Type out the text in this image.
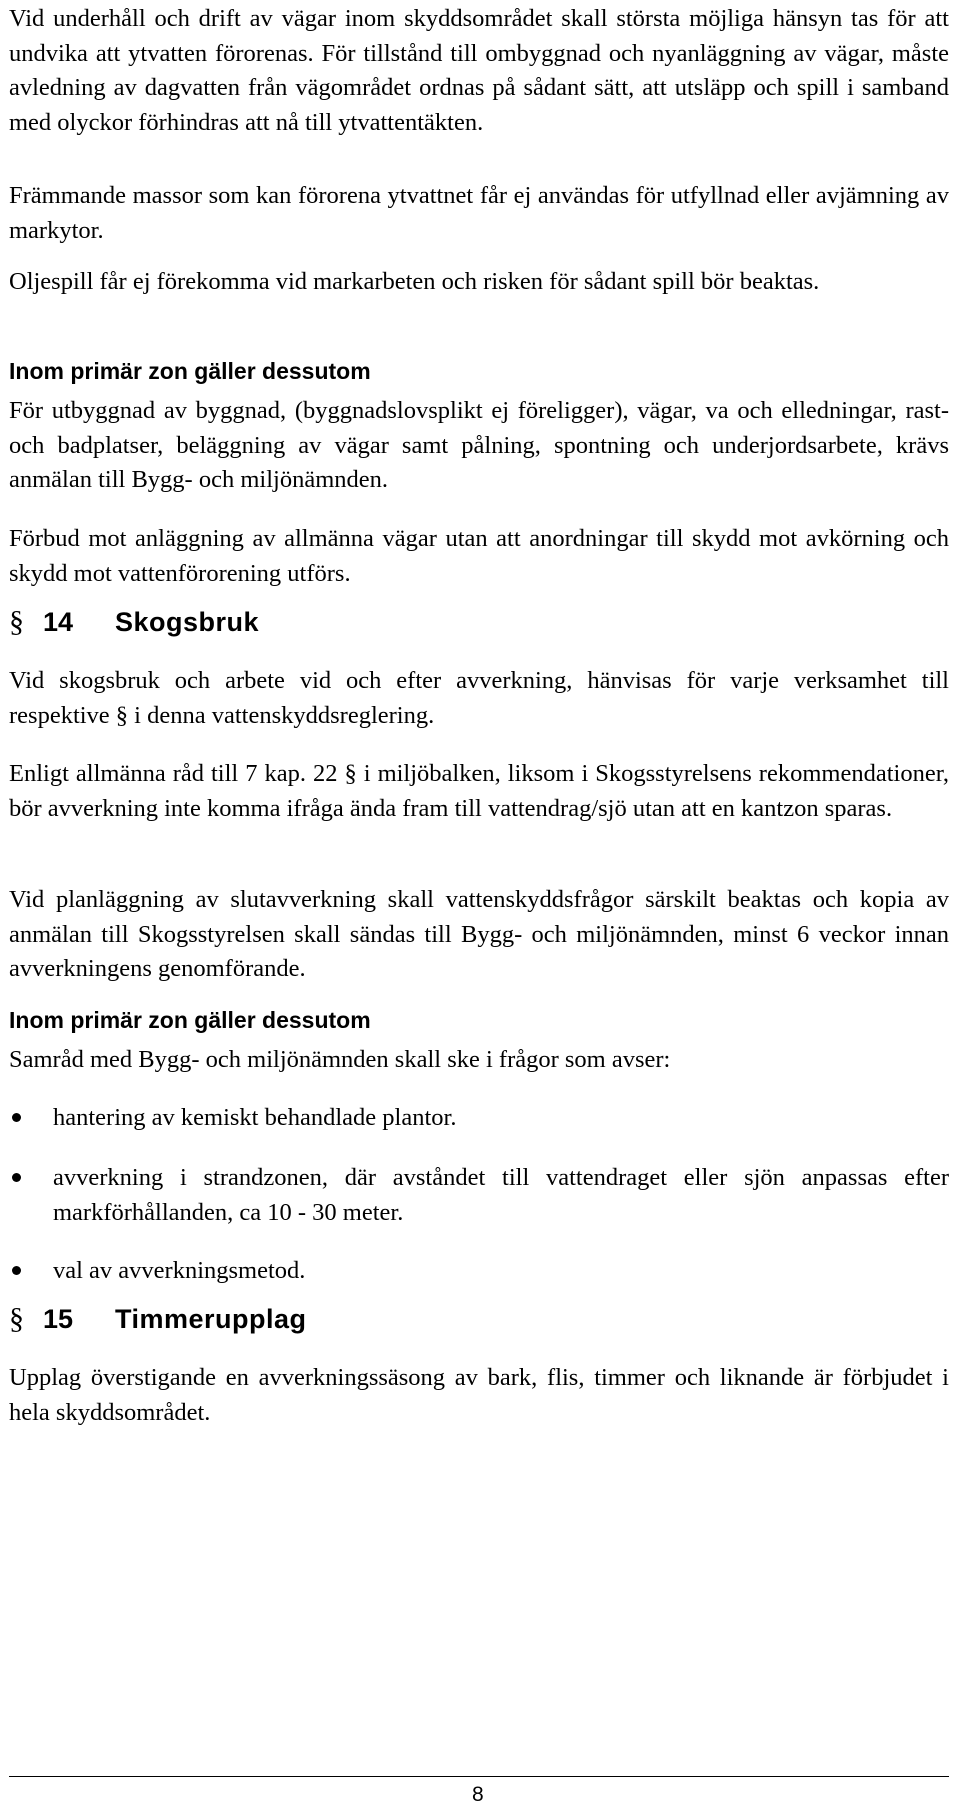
Vid underhåll och drift av vägar inom skyddsområdet skall största möjliga hänsyn tas för att undvika att ytvatten förorenas. För tillstånd till ombyggnad och nyanläggning av vägar, måste avledning av dagvatten från vägområdet ordnas på sådant sätt, att utsläpp och spill i samband med olyckor förhindras att nå till ytvattentäkten.

Främmande massor som kan förorena ytvattnet får ej användas för utfyllnad eller avjämning av markytor.

Oljespill får ej förekomma vid markarbeten och risken för sådant spill bör beaktas.

Inom primär zon gäller dessutom

För utbyggnad av byggnad, (byggnadslovsplikt ej föreligger), vägar, va och elledningar, rast- och badplatser, beläggning av vägar samt pålning, spontning och underjordsarbete, krävs anmälan till Bygg- och miljönämnden.

Förbud mot anläggning av allmänna vägar utan att anordningar till skydd mot avkörning och skydd mot vattenförorening utförs.

§ 14 Skogsbruk

Vid skogsbruk och arbete vid och efter avverkning, hänvisas för varje verksamhet till respektive § i denna vattenskyddsreglering.

Enligt allmänna råd till 7 kap. 22 § i miljöbalken, liksom i Skogsstyrelsens rekommendationer, bör avverkning inte komma ifråga ända fram till vattendrag/sjö utan att en kantzon sparas.

Vid planläggning av slutavverkning skall vattenskyddsfrågor särskilt beaktas och kopia av anmälan till Skogsstyrelsen skall sändas till Bygg- och miljönämnden, minst 6 veckor innan avverkningens genomförande.

Inom primär zon gäller dessutom

Samråd med Bygg- och miljönämnden skall ske i frågor som avser:

hantering av kemiskt behandlade plantor.

avverkning i strandzonen, där avståndet till vattendraget eller sjön anpassas efter markförhållanden, ca 10 - 30 meter.

val av avverkningsmetod.

§ 15 Timmerupplag

Upplag överstigande en avverkningssäsong av bark, flis, timmer och liknande är förbjudet i hela skyddsområdet.

8
